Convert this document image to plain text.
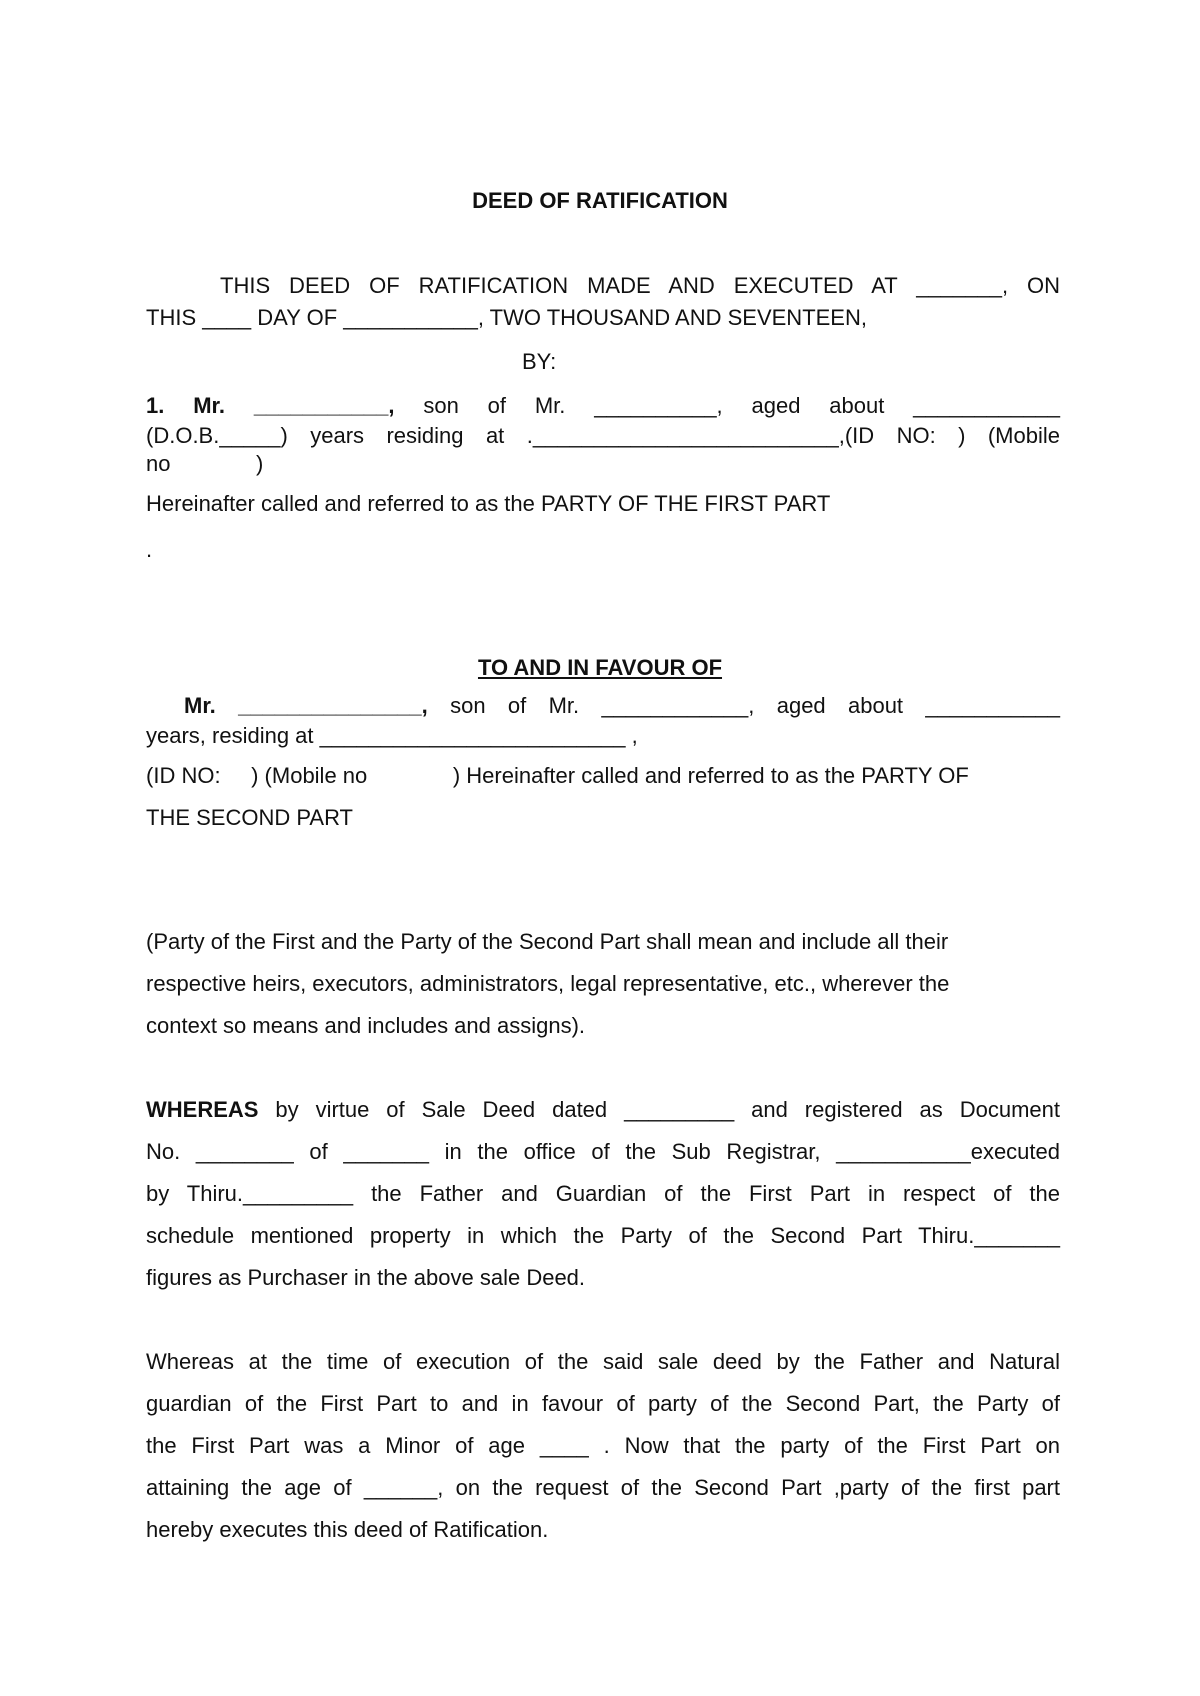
DEED OF RATIFICATION
THIS DEED OF RATIFICATION MADE AND EXECUTED AT _______, ON
THIS ____ DAY OF ___________, TWO THOUSAND AND SEVENTEEN,
BY:
1. Mr. ___________, son of Mr. __________, aged about ____________
(D.O.B._____) years residing at ._________________________,(ID NO: ) (Mobile
no              )
Hereinafter called and referred to as the PARTY OF THE FIRST PART
.
TO AND IN FAVOUR OF
Mr. _______________, son of Mr. ____________, aged about ___________
years, residing at _________________________ ,
(ID NO:     ) (Mobile no              ) Hereinafter called and referred to as the PARTY OF
THE SECOND PART
(Party of the First and the Party of the Second Part shall mean and include all their
respective heirs, executors, administrators, legal representative, etc., wherever the
context so means and includes and assigns).
WHEREAS by virtue of Sale Deed dated _________ and registered as Document
No. ________ of _______ in the office of the Sub Registrar, ___________executed
by Thiru._________ the Father and Guardian of the First Part in respect of the
schedule mentioned property in which the Party of the Second Part Thiru._______
figures as Purchaser in the above sale Deed.
Whereas at the time of execution of the said sale deed by the Father and Natural
guardian of the First Part to and in favour of party of the Second Part, the Party of
the First Part was a Minor of age ____ . Now that the party of the First Part on
attaining the age of ______, on the request of the Second Part ,party of the first part
hereby executes this deed of Ratification.
